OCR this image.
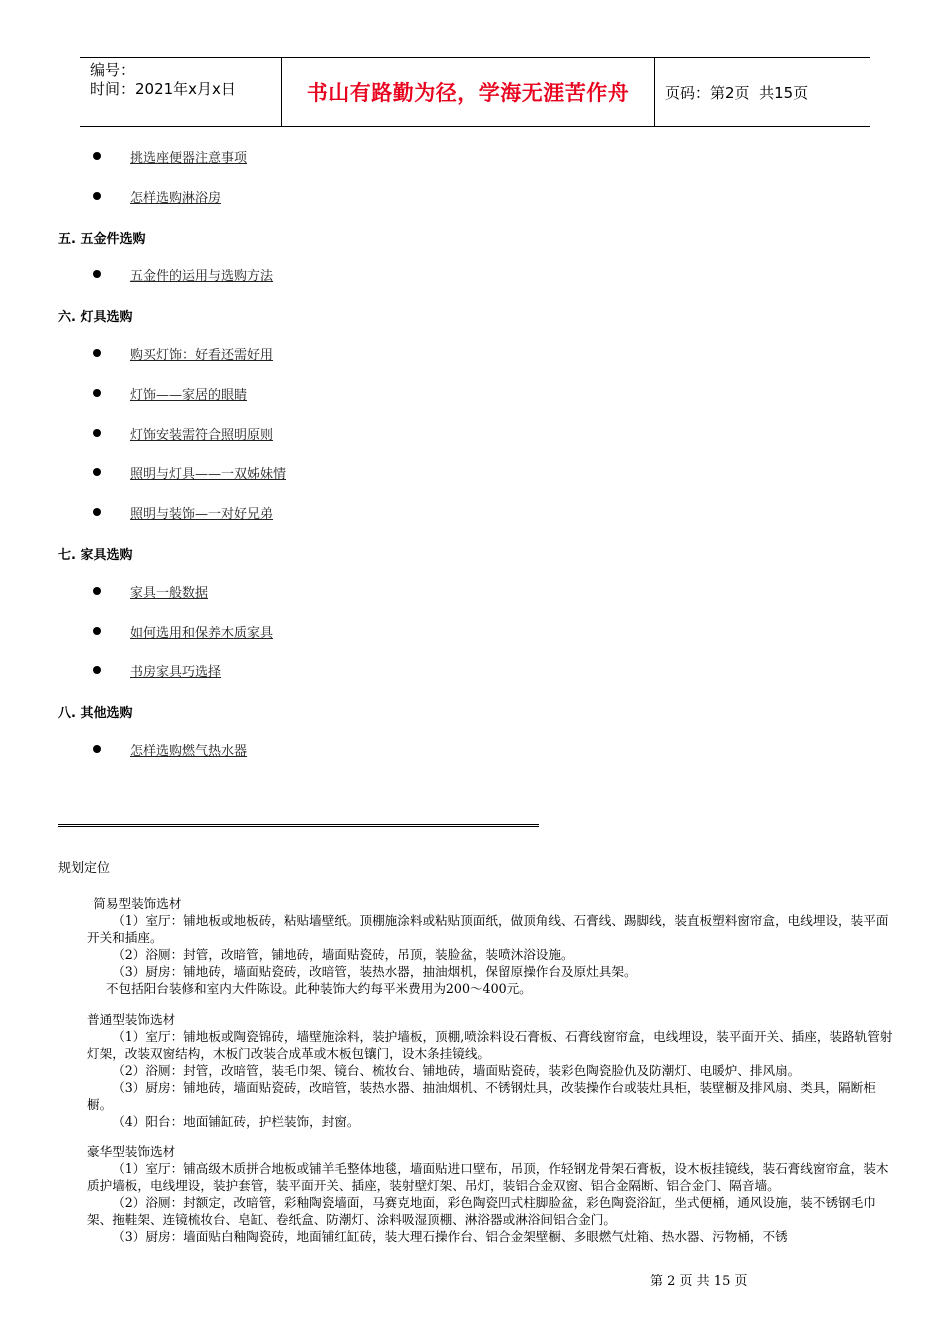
编号：
时间：2021年x月x日	书山有路勤为径，学海无涯苦作舟	页码：第2页  共15页
挑选座便器注意事项
怎样选购淋浴房
五. 五金件选购
五金件的运用与选购方法
六. 灯具选购
购买灯饰：好看还需好用
灯饰——家居的眼睛
灯饰安装需符合照明原则
照明与灯具——一双姊妹情
照明与装饰—一对好兄弟
七. 家具选购
家具一般数据
如何选用和保养木质家具
书房家具巧选择
八. 其他选购
怎样选购燃气热水器
规划定位

简易型装饰选材

（1）室厅：铺地板或地板砖，粘贴墙壁纸。顶棚施涂料或粘贴顶面纸，做顶角线、石膏线、踢脚线，装直板塑料窗帘盒，电线埋设，装平面开关和插座。

（2）浴厕：封管，改暗管，铺地砖，墙面贴瓷砖，吊顶，装脸盆，装喷沐浴设施。

（3）厨房：铺地砖，墙面贴瓷砖，改暗管，装热水器，抽油烟机，保留原操作台及原灶具架。

不包括阳台装修和室内大件陈设。此种装饰大约每平米费用为200～400元。

普通型装饰选材

（1）室厅：铺地板或陶瓷锦砖，墙壁施涂料，装护墙板，顶棚,喷涂料设石膏板、石膏线窗帘盒，电线埋设，装平面开关、插座，装路轨管射灯架，改装双窗结构，木板门改装合成革或木板包镶门，设木条挂镜线。

（2）浴厕：封管，改暗管，装毛巾架、镜台、梳妆台、铺地砖，墙面贴瓷砖，装彩色陶瓷脸仇及防潮灯、电暖炉、排风扇。

（3）厨房：铺地砖，墙面贴瓷砖，改暗管，装热水器、抽油烟机、不锈钢灶具，改装操作台或装灶具柜，装壁橱及排风扇、类具，隔断柜橱。

（4）阳台：地面铺缸砖，护栏装饰，封窗。

豪华型装饰选材

（1）室厅：铺高级木质拼合地板或铺羊毛整体地毯，墙面贴进口壁布，吊顶，作轻钢龙骨架石膏板，设木板挂镜线，装石膏线窗帘盒，装木质护墙板，电线埋设，装护套管，装平面开关、插座，装射壁灯架、吊灯，装铝合金双窗、铝合金隔断、铝合金门、隔音墙。

（2）浴厕：封额定，改暗管，彩釉陶瓷墙面，马赛克地面，彩色陶瓷凹式柱脚脸盆，彩色陶瓷浴缸，坐式便桶，通风设施，装不锈钢毛巾架、拖鞋架、连镜梳妆台、皂缸、卷纸盒、防潮灯、涂料吸湿顶棚、淋浴器或淋浴间铝合金门。

（3）厨房：墙面贴白釉陶瓷砖，地面铺红缸砖，装大理石操作台、铝合金架壁橱、多眼燃气灶箱、热水器、污物桶，不锈

第 2 页 共 15 页
